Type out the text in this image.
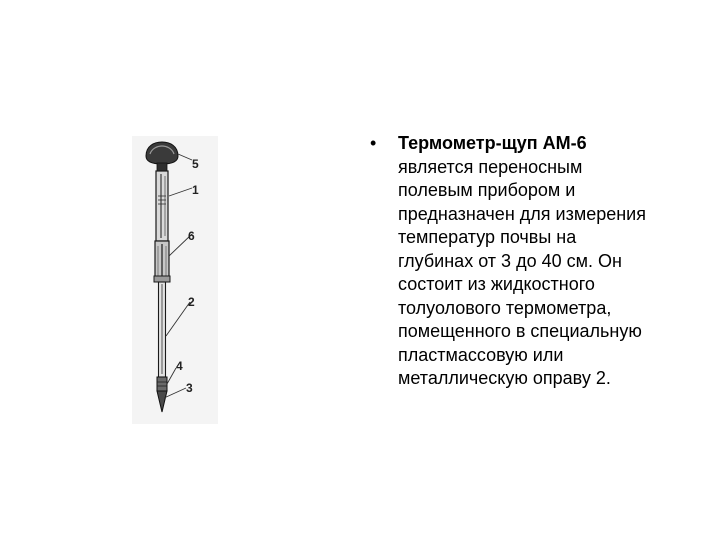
5
1
6
2
4
3
•	Термометр-щуп АМ-6
является переносным
полевым прибором и
предназначен для измерения
температур почвы на
глубинах от 3 до 40 см. Он
состоит из жидкостного
толуолового термометра,
помещенного в специальную
пластмассовую или
металлическую оправу 2.
